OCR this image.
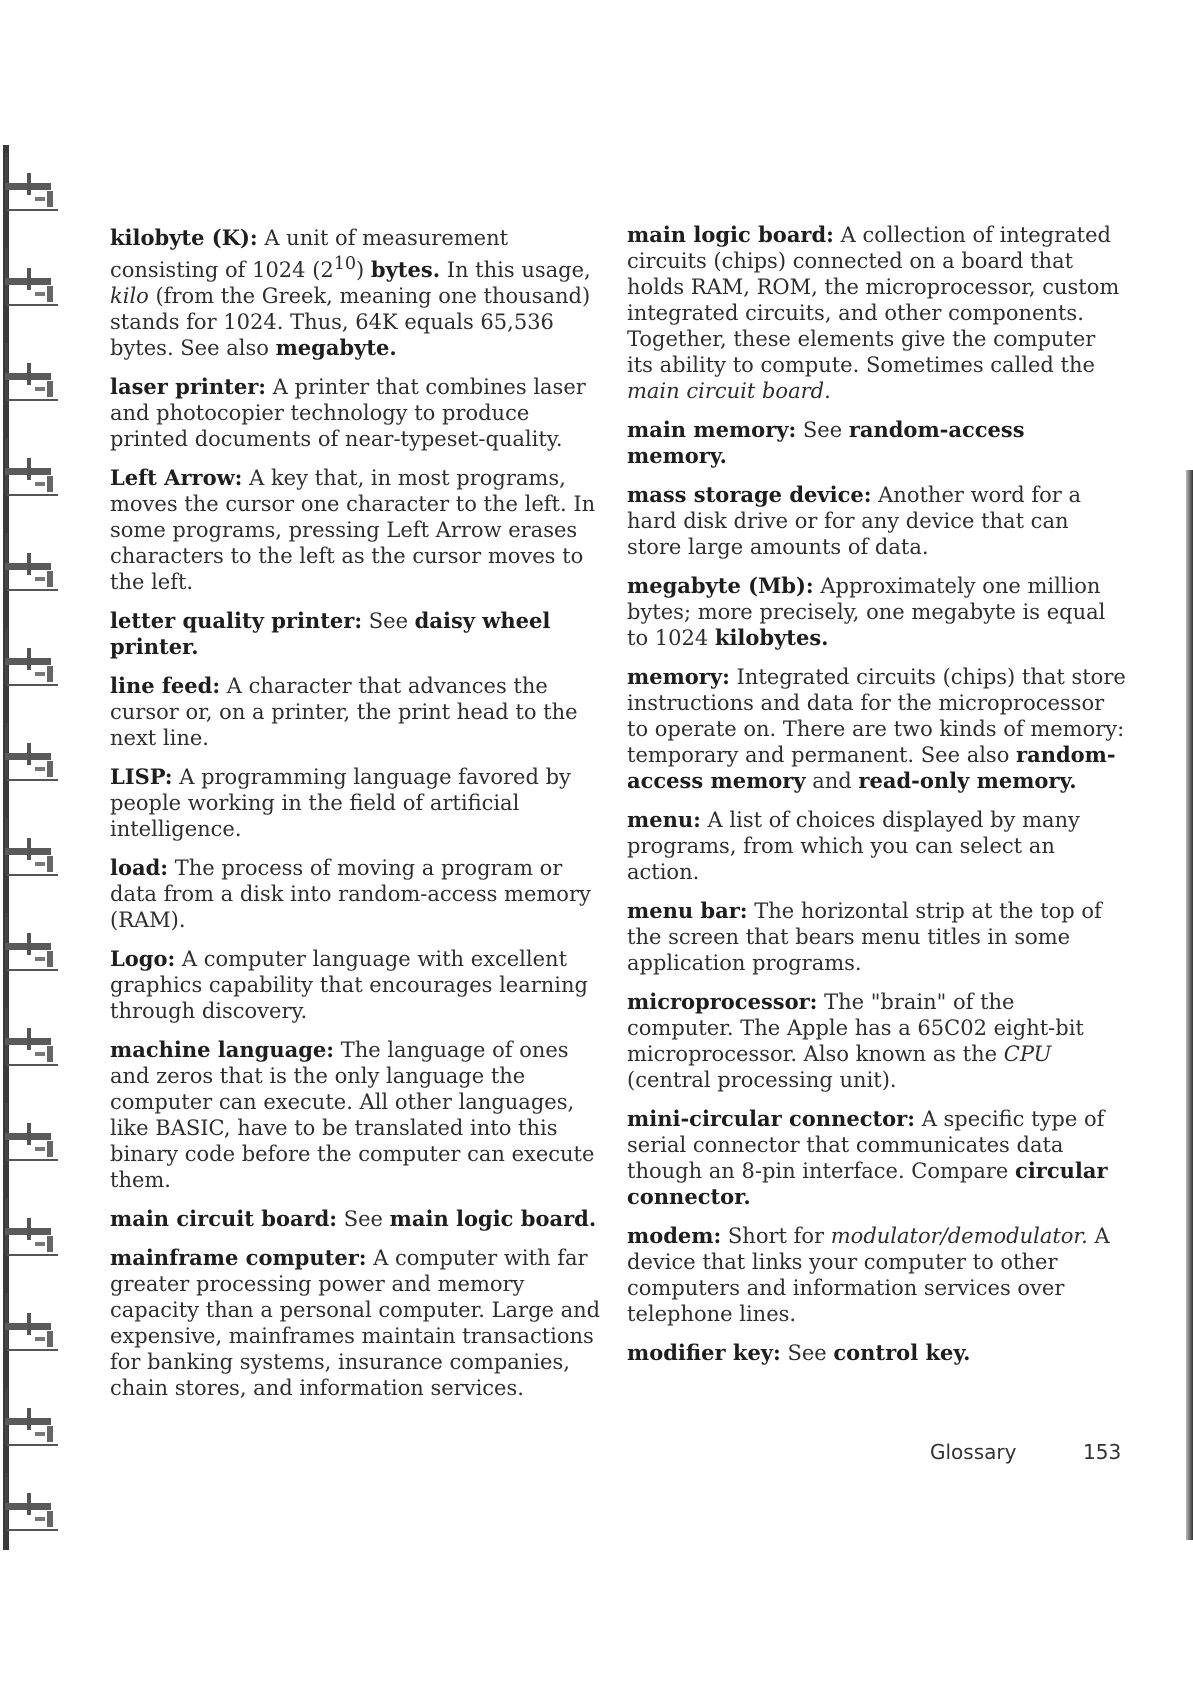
kilobyte (K): A unit of measurement consisting of 1024 $(2^{10})$ bytes. In this usage, kilo (from the Greek, meaning one thousand) stands for 1024. Thus, 64K equals 65,536 bytes. See also megabyte.

laser printer: A printer that combines laser and photocopier technology to produce printed documents of near-typeset-quality.

Left Arrow: A key that, in most programs, moves the cursor one character to the left. In some programs, pressing Left Arrow erases characters to the left as the cursor moves to the left.

letter quality printer: See daisy wheel printer.

line feed: A character that advances the cursor or, on a printer, the print head to the next line.

LISP: A programming language favored by people working in the field of artificial intelligence.

load: The process of moving a program or data from a disk into random-access memory (RAM).

Logo: A computer language with excellent graphics capability that encourages learning through discovery.

machine language: The language of ones and zeros that is the only language the computer can execute. All other languages, like BASIC, have to be translated into this binary code before the computer can execute them.

main circuit board: See main logic board.

mainframe computer: A computer with far greater processing power and memory capacity than a personal computer. Large and expensive, mainframes maintain transactions for banking systems, insurance companies, chain stores, and information services.

main logic board: A collection of integrated circuits (chips) connected on a board that holds RAM, ROM, the microprocessor, custom integrated circuits, and other components. Together, these elements give the computer its ability to compute. Sometimes called the main circuit board.

main memory: See random-access memory.

mass storage device: Another word for a hard disk drive or for any device that can store large amounts of data.

megabyte (Mb): Approximately one million bytes; more precisely, one megabyte is equal to 1024 kilobytes.

memory: Integrated circuits (chips) that store instructions and data for the microprocessor to operate on. There are two kinds of memory: temporary and permanent. See also random-access memory and read-only memory.

menu: A list of choices displayed by many programs, from which you can select an action.

menu bar: The horizontal strip at the top of the screen that bears menu titles in some application programs.

microprocessor: The "brain" of the computer. The Apple has a 65C02 eight-bit microprocessor. Also known as the CPU (central processing unit).

mini-circular connector: A specific type of serial connector that communicates data though an 8-pin interface. Compare circular connector.

modem: Short for modulator/demodulator. A device that links your computer to other computers and information services over telephone lines.

modifier key: See control key.

Glossary	153
